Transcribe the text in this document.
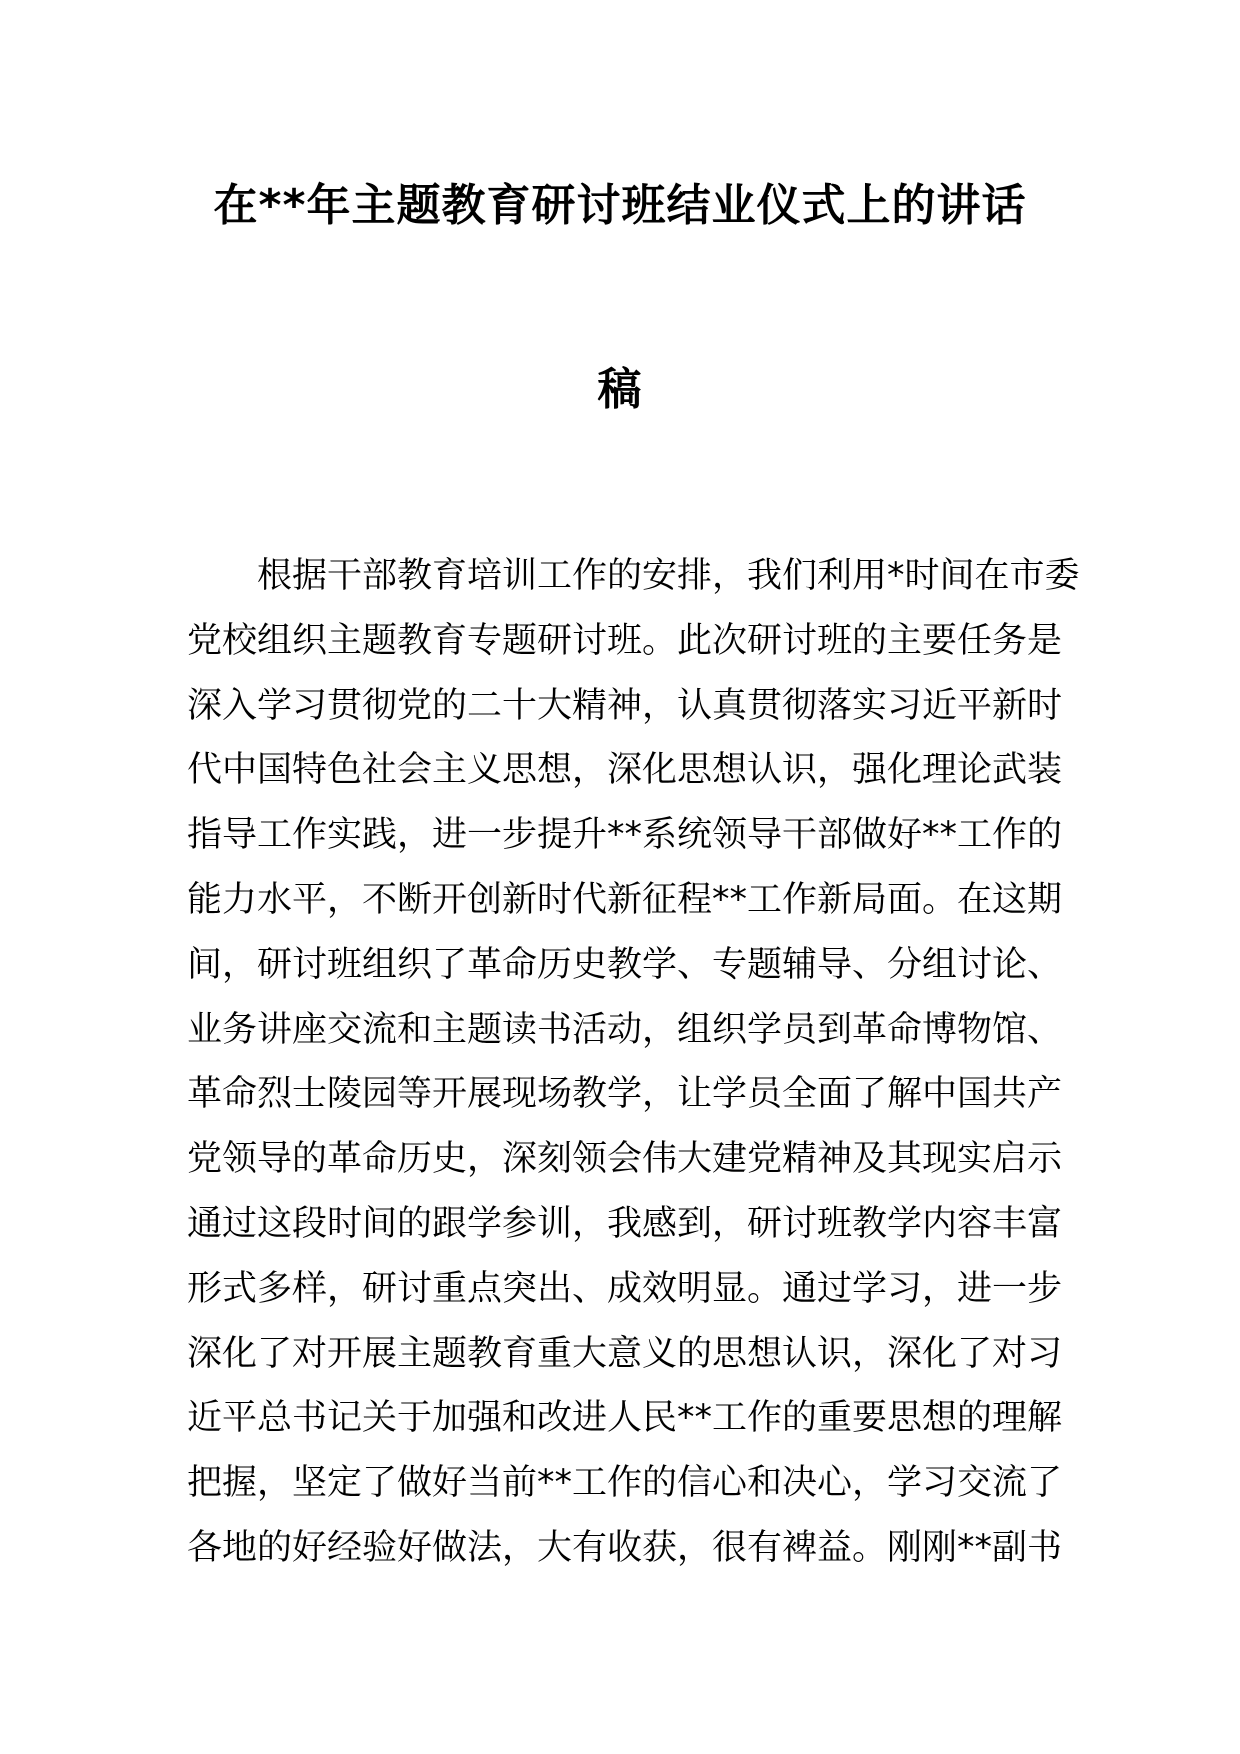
在**年主题教育研讨班结业仪式上的讲话
稿
根据干部教育培训工作的安排，我们利用*时间在市委
党校组织主题教育专题研讨班。此次研讨班的主要任务是
深入学习贯彻党的二十大精神，认真贯彻落实习近平新时
代中国特色社会主义思想，深化思想认识，强化理论武装
指导工作实践，进一步提升**系统领导干部做好**工作的
能力水平，不断开创新时代新征程**工作新局面。在这期
间，研讨班组织了革命历史教学、专题辅导、分组讨论、
业务讲座交流和主题读书活动，组织学员到革命博物馆、
革命烈士陵园等开展现场教学，让学员全面了解中国共产
党领导的革命历史，深刻领会伟大建党精神及其现实启示
通过这段时间的跟学参训，我感到，研讨班教学内容丰富
形式多样，研讨重点突出、成效明显。通过学习，进一步
深化了对开展主题教育重大意义的思想认识，深化了对习
近平总书记关于加强和改进人民**工作的重要思想的理解
把握，坚定了做好当前**工作的信心和决心，学习交流了
各地的好经验好做法，大有收获，很有裨益。刚刚**副书
